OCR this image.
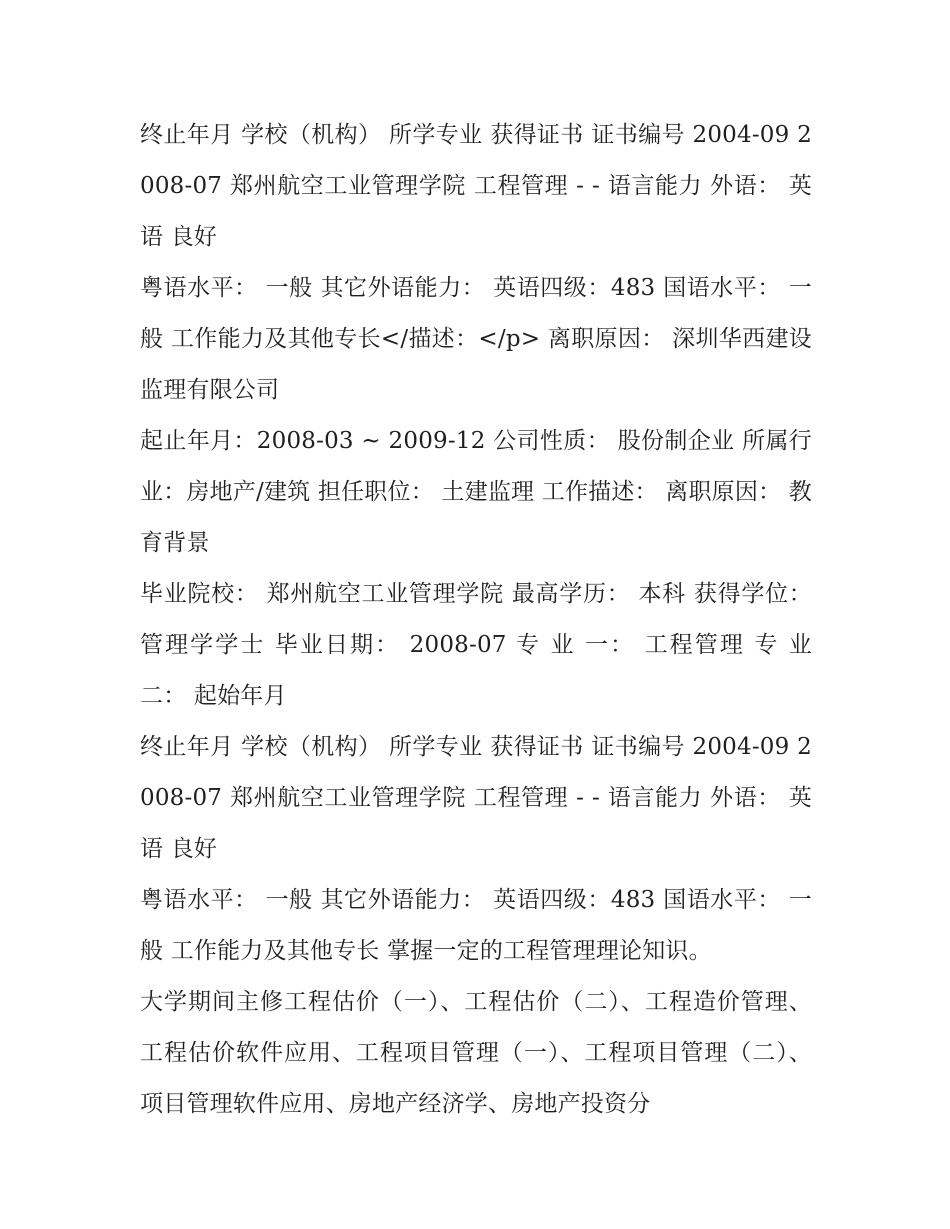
终止年月 学校（机构） 所学专业 获得证书 证书编号 2004-09 2008-07 郑州航空工业管理学院 工程管理 - - 语言能力 外语： 英语 良好

粤语水平： 一般 其它外语能力： 英语四级：483 国语水平： 一般 工作能力及其他专长</描述：</p> 离职原因： 深圳华西建设监理有限公司

起止年月：2008-03 ~ 2009-12 公司性质： 股份制企业 所属行业：房地产/建筑 担任职位： 土建监理 工作描述： 离职原因： 教育背景

毕业院校： 郑州航空工业管理学院 最高学历： 本科 获得学位： 管理学学士 毕业日期： 2008-07 专 业 一： 工程管理 专 业 二： 起始年月

终止年月 学校（机构） 所学专业 获得证书 证书编号 2004-09 2008-07 郑州航空工业管理学院 工程管理 - - 语言能力 外语： 英语 良好

粤语水平： 一般 其它外语能力： 英语四级：483 国语水平： 一般 工作能力及其他专长 掌握一定的工程管理理论知识。

大学期间主修工程估价（一）、工程估价（二）、工程造价管理、工程估价软件应用、工程项目管理（一）、工程项目管理（二）、项目管理软件应用、房地产经济学、房地产投资分
